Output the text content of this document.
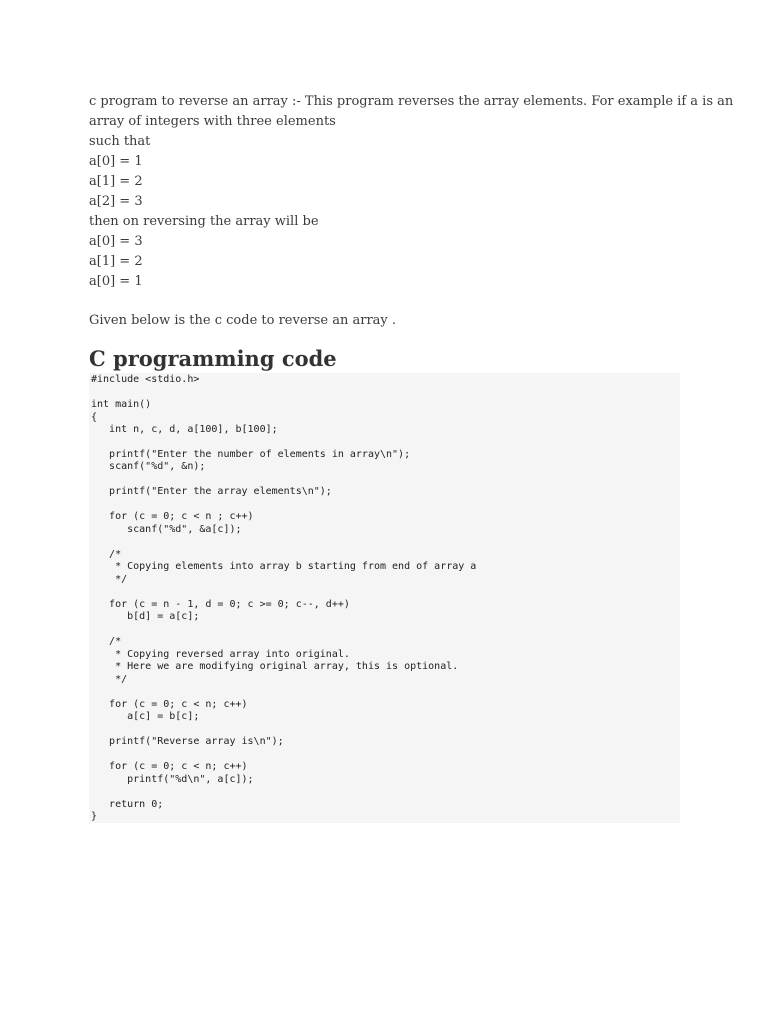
c program to reverse an array :- This program reverses the array elements. For example if a is an
array of integers with three elements
such that
a[0] = 1
a[1] = 2
a[2] = 3
then on reversing the array will be
a[0] = 3
a[1] = 2
a[0] = 1
Given below is the c code to reverse an array .
C programming code
#include <stdio.h>
int main()
{
int n, c, d, a[100], b[100];
printf("Enter the number of elements in array\n");
scanf("%d", &n);
printf("Enter the array elements\n");
for (c = 0; c < n ; c++)
scanf("%d", &a[c]);
/*
* Copying elements into array b starting from end of array a
*/
for (c = n - 1, d = 0; c >= 0; c--, d++)
b[d] = a[c];
/*
* Copying reversed array into original.
* Here we are modifying original array, this is optional.
*/
for (c = 0; c < n; c++)
a[c] = b[c];
printf("Reverse array is\n");
for (c = 0; c < n; c++)
printf("%d\n", a[c]);
return 0;
}
